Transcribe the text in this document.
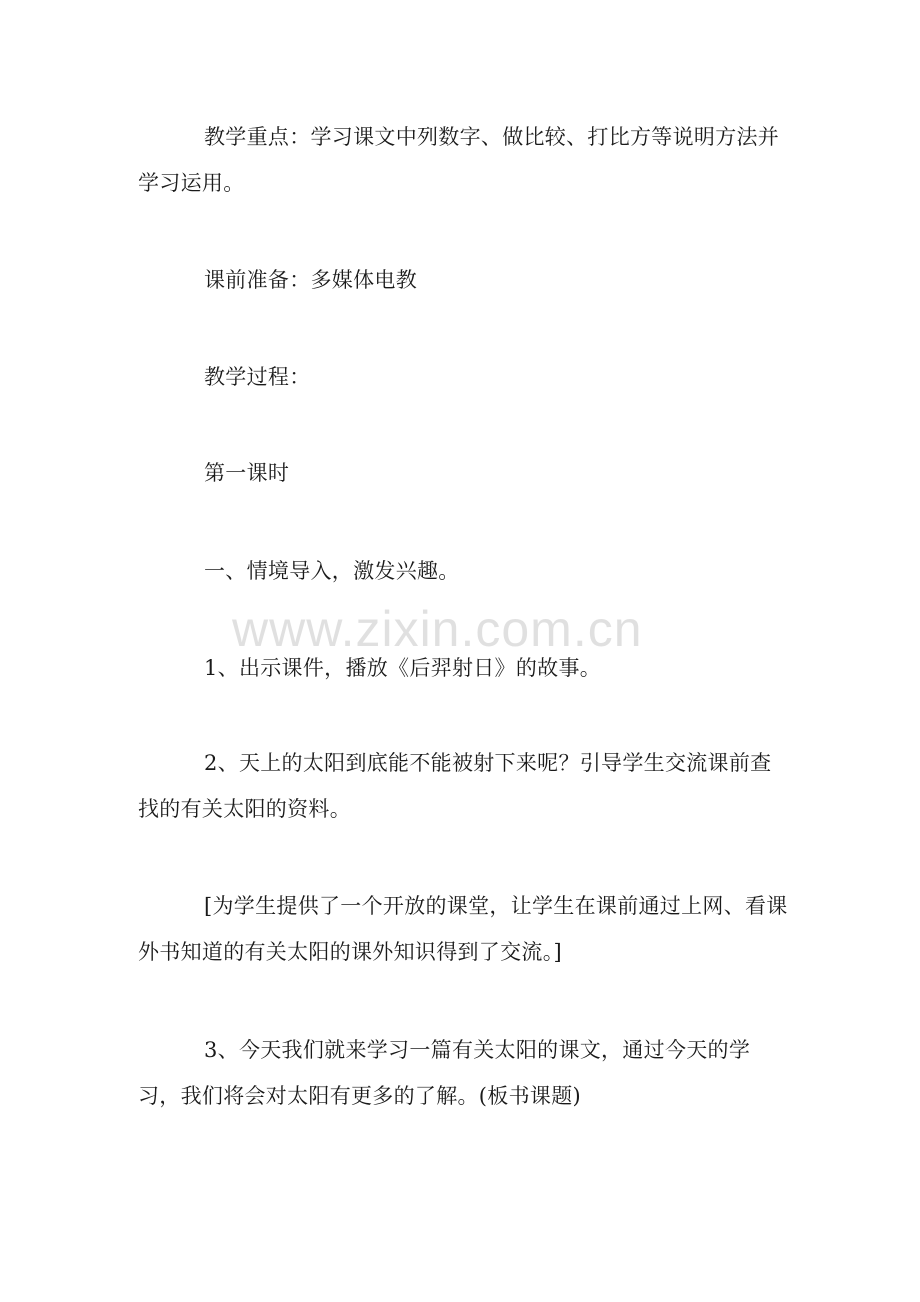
教学重点：学习课文中列数字、做比较、打比方等说明方法并学习运用。

课前准备：多媒体电教

教学过程：

第一课时

一、情境导入，激发兴趣。

1、出示课件，播放《后羿射日》的故事。

2、天上的太阳到底能不能被射下来呢？引导学生交流课前查找的有关太阳的资料。

[为学生提供了一个开放的课堂，让学生在课前通过上网、看课外书知道的有关太阳的课外知识得到了交流。]

3、今天我们就来学习一篇有关太阳的课文，通过今天的学习，我们将会对太阳有更多的了解。(板书课题)

www.zixin.com.cn
